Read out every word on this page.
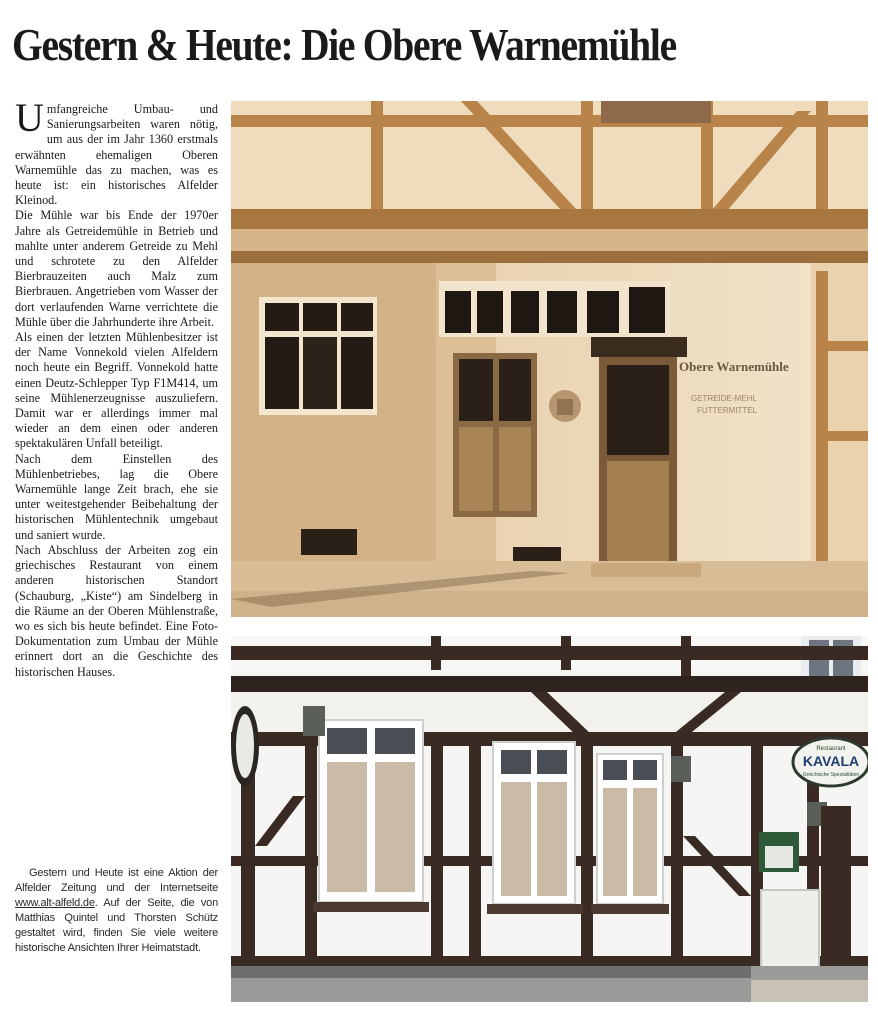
Gestern & Heute: Die Obere Warnemühle

Umfangreiche Umbau- und Sanierungsarbeiten waren nötig, um aus der im Jahr 1360 erstmals erwähnten ehemaligen Oberen Warnemühle das zu machen, was es heute ist: ein historisches Alfelder Kleinod.

Die Mühle war bis Ende der 1970er Jahre als Getreidemühle in Betrieb und mahlte unter anderem Getreide zu Mehl und schrotete zu den Alfelder Bierbrauzeiten auch Malz zum Bierbrauen. Angetrieben vom Wasser der dort verlaufenden Warne verrichtete die Mühle über die Jahrhunderte ihre Arbeit.

Als einen der letzten Mühlenbesitzer ist der Name Vonnekold vielen Alfeldern noch heute ein Begriff. Vonnekold hatte einen Deutz-Schlepper Typ F1M414, um seine Mühlenerzeugnisse auszuliefern. Damit war er allerdings immer mal wieder an dem einen oder anderen spektakulären Unfall beteiligt.

Nach dem Einstellen des Mühlenbetriebes, lag die Obere Warnemühle lange Zeit brach, ehe sie unter weitestgehender Beibehaltung der historischen Mühlentechnik umgebaut und saniert wurde.

Nach Abschluss der Arbeiten zog ein griechisches Restaurant von einem anderen historischen Standort (Schauburg, „Kiste“) am Sindelberg in die Räume an der Oberen Mühlenstraße, wo es sich bis heute befindet. Eine Foto-Dokumentation zum Umbau der Mühle erinnert dort an die Geschichte des historischen Hauses.

Gestern und Heute ist eine Aktion der Alfelder Zeitung und der Internetseite www.alt-alfeld.de. Auf der Seite, die von Matthias Quintel und Thorsten Schütz gestaltet wird, finden Sie viele weitere historische Ansichten Ihrer Heimatstadt.
Obere Warnemühle
GETREIDE-MEHL
FUTTERMITTEL
Restaurant
KAVALA
Griechische Spezialitäten
